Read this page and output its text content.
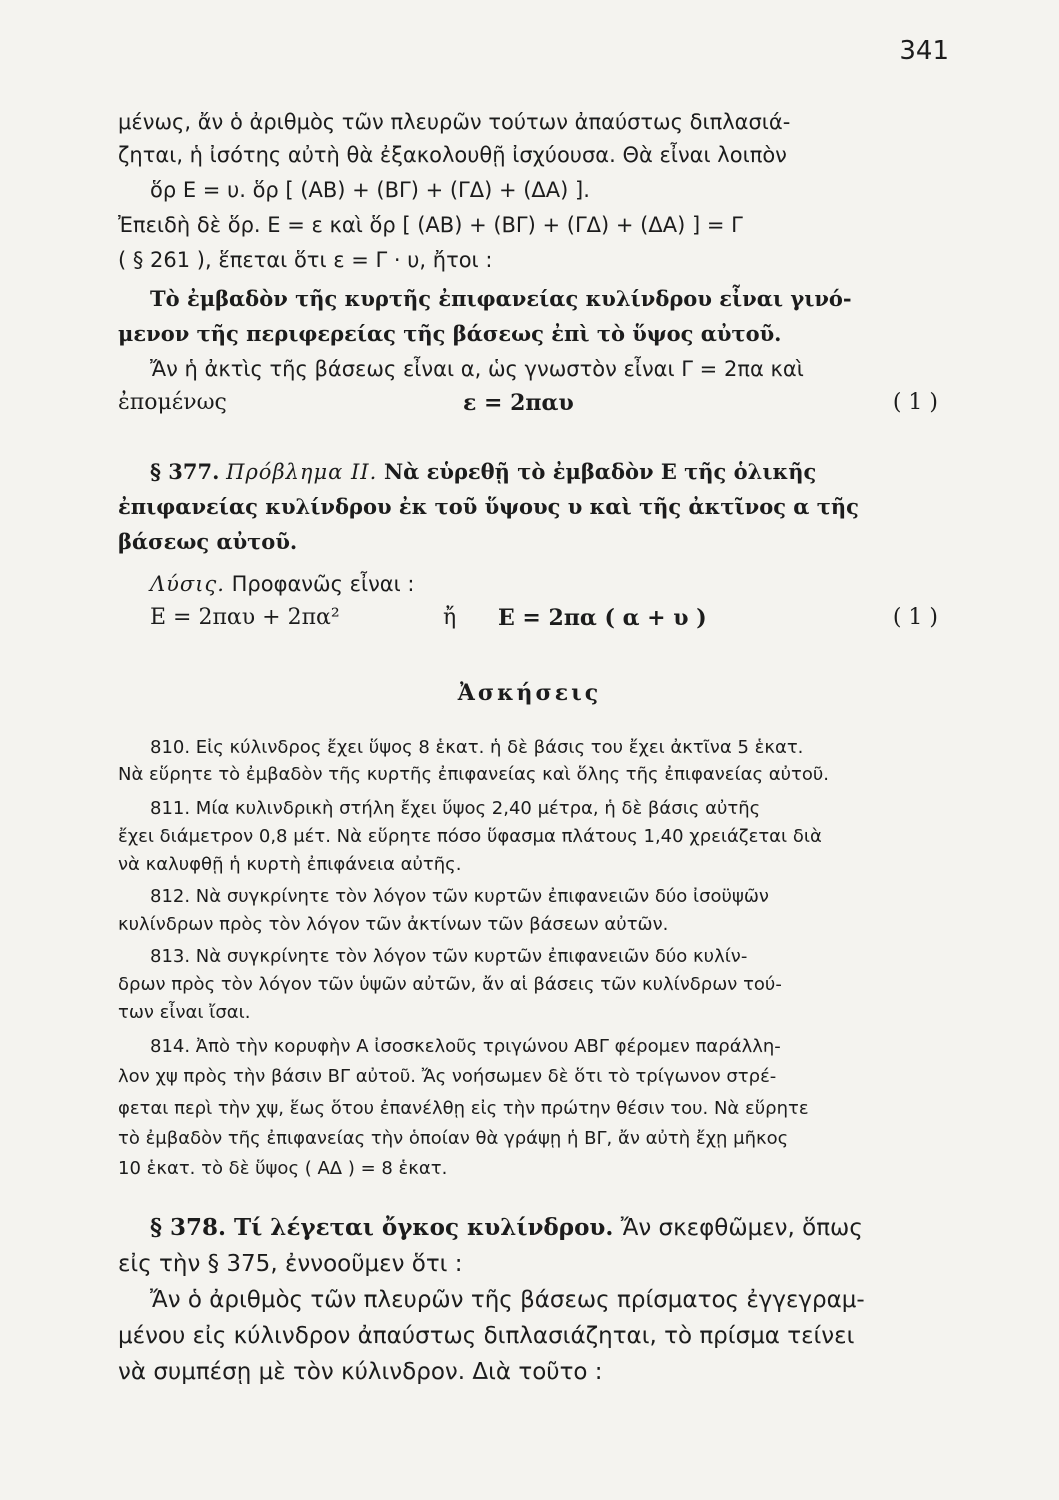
341
μένως, ἄν ὁ ἀριθμὸς τῶν πλευρῶν τούτων ἀπαύστως διπλασιά-
ζηται, ἡ ἰσότης αὐτὴ θὰ ἐξακολουθῇ ἰσχύουσα. Θὰ εἶναι λοιπὸν
ὅρ Ε = υ. ὅρ [ (ΑΒ) + (ΒΓ) + (ΓΔ) + (ΔΑ) ].
Ἐπειδὴ δὲ ὅρ. Ε = ε καὶ ὅρ [ (ΑΒ) + (ΒΓ) + (ΓΔ) + (ΔΑ) ] = Γ
( § 261 ), ἕπεται ὅτι ε = Γ · υ, ἤτοι :
Τὸ ἐμβαδὸν τῆς κυρτῆς ἐπιφανείας κυλίνδρου εἶναι γινό-
μενον τῆς περιφερείας τῆς βάσεως ἐπὶ τὸ ὕψος αὐτοῦ.
Ἄν ἡ ἀκτὶς τῆς βάσεως εἶναι α, ὡς γνωστὸν εἶναι Γ = 2πα καὶ
ἐπομένως	ε = 2παυ	( 1 )
§ 377. Πρόβλημα ΙΙ. Νὰ εὑρεθῇ τὸ ἐμβαδὸν Ε τῆς ὁλικῆς
ἐπιφανείας κυλίνδρου ἐκ τοῦ ὕψους υ καὶ τῆς ἀκτῖνος α τῆς
βάσεως αὐτοῦ.
Λύσις. Προφανῶς εἶναι :
Ε = 2παυ + 2πα²	ἤ Ε = 2πα ( α + υ )	( 1 )
Ἀσκήσεις
810. Εἰς κύλινδρος ἔχει ὕψος 8 ἑκατ. ἡ δὲ βάσις του ἔχει ἀκτῖνα 5 ἑκατ.
Νὰ εὕρητε τὸ ἐμβαδὸν τῆς κυρτῆς ἐπιφανείας καὶ ὅλης τῆς ἐπιφανείας αὐτοῦ.
811. Μία κυλινδρικὴ στήλη ἔχει ὕψος 2,40 μέτρα, ἡ δὲ βάσις αὐτῆς
ἔχει διάμετρον 0,8 μέτ. Νὰ εὕρητε πόσο ὕφασμα πλάτους 1,40 χρειάζεται διὰ
νὰ καλυφθῇ ἡ κυρτὴ ἐπιφάνεια αὐτῆς.
812. Νὰ συγκρίνητε τὸν λόγον τῶν κυρτῶν ἐπιφανειῶν δύο ἰσοϋψῶν
κυλίνδρων πρὸς τὸν λόγον τῶν ἀκτίνων τῶν βάσεων αὐτῶν.
813. Νὰ συγκρίνητε τὸν λόγον τῶν κυρτῶν ἐπιφανειῶν δύο κυλίν-
δρων πρὸς τὸν λόγον τῶν ὑψῶν αὐτῶν, ἄν αἱ βάσεις τῶν κυλίνδρων τού-
των εἶναι ἴσαι.
814. Ἀπὸ τὴν κορυφὴν Α ἰσοσκελοῦς τριγώνου ΑΒΓ φέρομεν παράλλη-
λον χψ πρὸς τὴν βάσιν ΒΓ αὐτοῦ. Ἄς νοήσωμεν δὲ ὅτι τὸ τρίγωνον στρέ-
φεται περὶ τὴν χψ, ἕως ὅτου ἐπανέλθῃ εἰς τὴν πρώτην θέσιν του. Νὰ εὕρητε
τὸ ἐμβαδὸν τῆς ἐπιφανείας τὴν ὁποίαν θὰ γράψῃ ἡ ΒΓ, ἄν αὐτὴ ἔχῃ μῆκος
10 ἑκατ. τὸ δὲ ὕψος ( ΑΔ ) = 8 ἑκατ.
§ 378. Τί λέγεται ὄγκος κυλίνδρου. Ἄν σκεφθῶμεν, ὅπως
εἰς τὴν § 375, ἐννοοῦμεν ὅτι :
Ἄν ὁ ἀριθμὸς τῶν πλευρῶν τῆς βάσεως πρίσματος ἐγγεγραμ-
μένου εἰς κύλινδρον ἀπαύστως διπλασιάζηται, τὸ πρίσμα τείνει
νὰ συμπέσῃ μὲ τὸν κύλινδρον. Διὰ τοῦτο :
